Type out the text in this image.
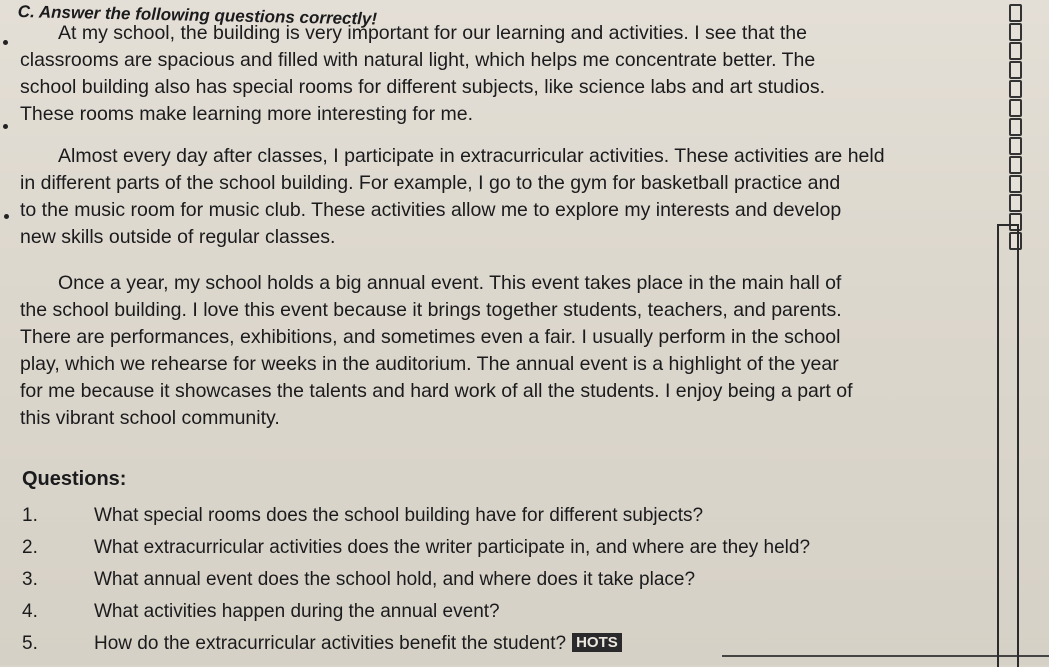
C. Answer the following questions correctly!
At my school, the building is very important for our learning and activities. I see that the
classrooms are spacious and filled with natural light, which helps me concentrate better. The
school building also has special rooms for different subjects, like science labs and art studios.
These rooms make learning more interesting for me.
Almost every day after classes, I participate in extracurricular activities. These activities are held
in different parts of the school building. For example, I go to the gym for basketball practice and
to the music room for music club. These activities allow me to explore my interests and develop
new skills outside of regular classes.
Once a year, my school holds a big annual event. This event takes place in the main hall of
the school building. I love this event because it brings together students, teachers, and parents.
There are performances, exhibitions, and sometimes even a fair. I usually perform in the school
play, which we rehearse for weeks in the auditorium. The annual event is a highlight of the year
for me because it showcases the talents and hard work of all the students. I enjoy being a part of
this vibrant school community.
Questions:
1.	What special rooms does the school building have for different subjects?
2.	What extracurricular activities does the writer participate in, and where are they held?
3.	What annual event does the school hold, and where does it take place?
4.	What activities happen during the annual event?
5.	How do the extracurricular activities benefit the student? HOTS
